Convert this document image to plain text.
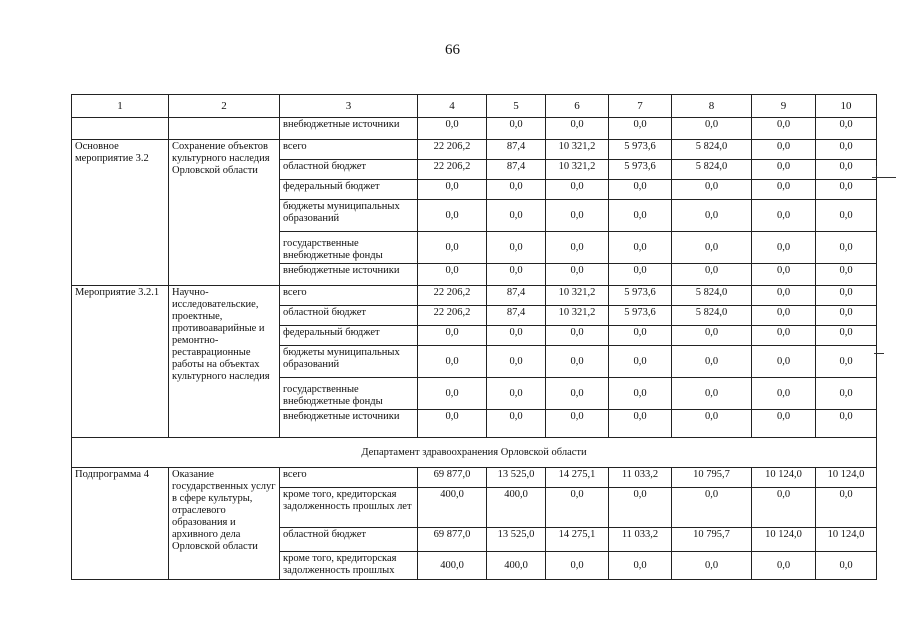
66
1	2	3	4	5	6	7	8	9	10
		внебюджетные источники	0,0	0,0	0,0	0,0	0,0	0,0	0,0
Основное мероприятие 3.2	Сохранение объектов культурного наследия Орловской области	всего	22 206,2	87,4	10 321,2	5 973,6	5 824,0	0,0	0,0
		областной бюджет	22 206,2	87,4	10 321,2	5 973,6	5 824,0	0,0	0,0
		федеральный бюджет	0,0	0,0	0,0	0,0	0,0	0,0	0,0
		бюджеты муниципальных образований	0,0	0,0	0,0	0,0	0,0	0,0	0,0
		государственные внебюджетные фонды	0,0	0,0	0,0	0,0	0,0	0,0	0,0
		внебюджетные источники	0,0	0,0	0,0	0,0	0,0	0,0	0,0
Мероприятие 3.2.1	Научно-исследовательские, проектные, противоаварийные и ремонтно-реставрационные работы на объектах культурного наследия	всего	22 206,2	87,4	10 321,2	5 973,6	5 824,0	0,0	0,0
		областной бюджет	22 206,2	87,4	10 321,2	5 973,6	5 824,0	0,0	0,0
		федеральный бюджет	0,0	0,0	0,0	0,0	0,0	0,0	0,0
		бюджеты муниципальных образований	0,0	0,0	0,0	0,0	0,0	0,0	0,0
		государственные внебюджетные фонды	0,0	0,0	0,0	0,0	0,0	0,0	0,0
		внебюджетные источники	0,0	0,0	0,0	0,0	0,0	0,0	0,0
Департамент здравоохранения Орловской области									
Подпрограмма 4	Оказание государственных услуг в сфере культуры, отраслевого образования и архивного дела Орловской области	всего	69 877,0	13 525,0	14 275,1	11 033,2	10 795,7	10 124,0	10 124,0
		кроме того, кредиторская задолженность прошлых лет	400,0	400,0	0,0	0,0	0,0	0,0	0,0
		областной бюджет	69 877,0	13 525,0	14 275,1	11 033,2	10 795,7	10 124,0	10 124,0
		кроме того, кредиторская задолженность прошлых	400,0	400,0	0,0	0,0	0,0	0,0	0,0
